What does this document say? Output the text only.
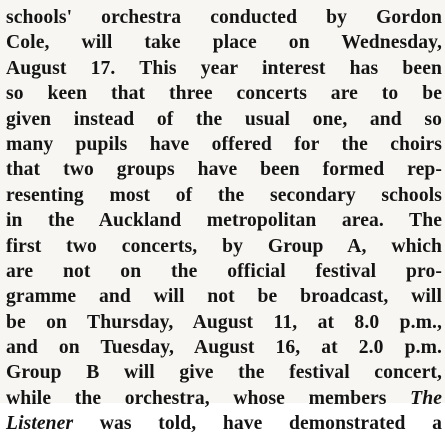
schools' orchestra conducted by Gordon
Cole, will take place on Wednesday,
August 17. This year interest has been
so keen that three concerts are to be
given instead of the usual one, and so
many pupils have offered for the choirs
that two groups have been formed rep-
resenting most of the secondary schools
in the Auckland metropolitan area. The
first two concerts, by Group A, which
are not on the official festival pro-
gramme and will not be broadcast, will
be on Thursday, August 11, at 8.0 p.m.,
and on Tuesday, August 16, at 2.0 p.m.
Group B will give the festival concert,
while the orchestra, whose members The
Listener was told, have demonstrated a
